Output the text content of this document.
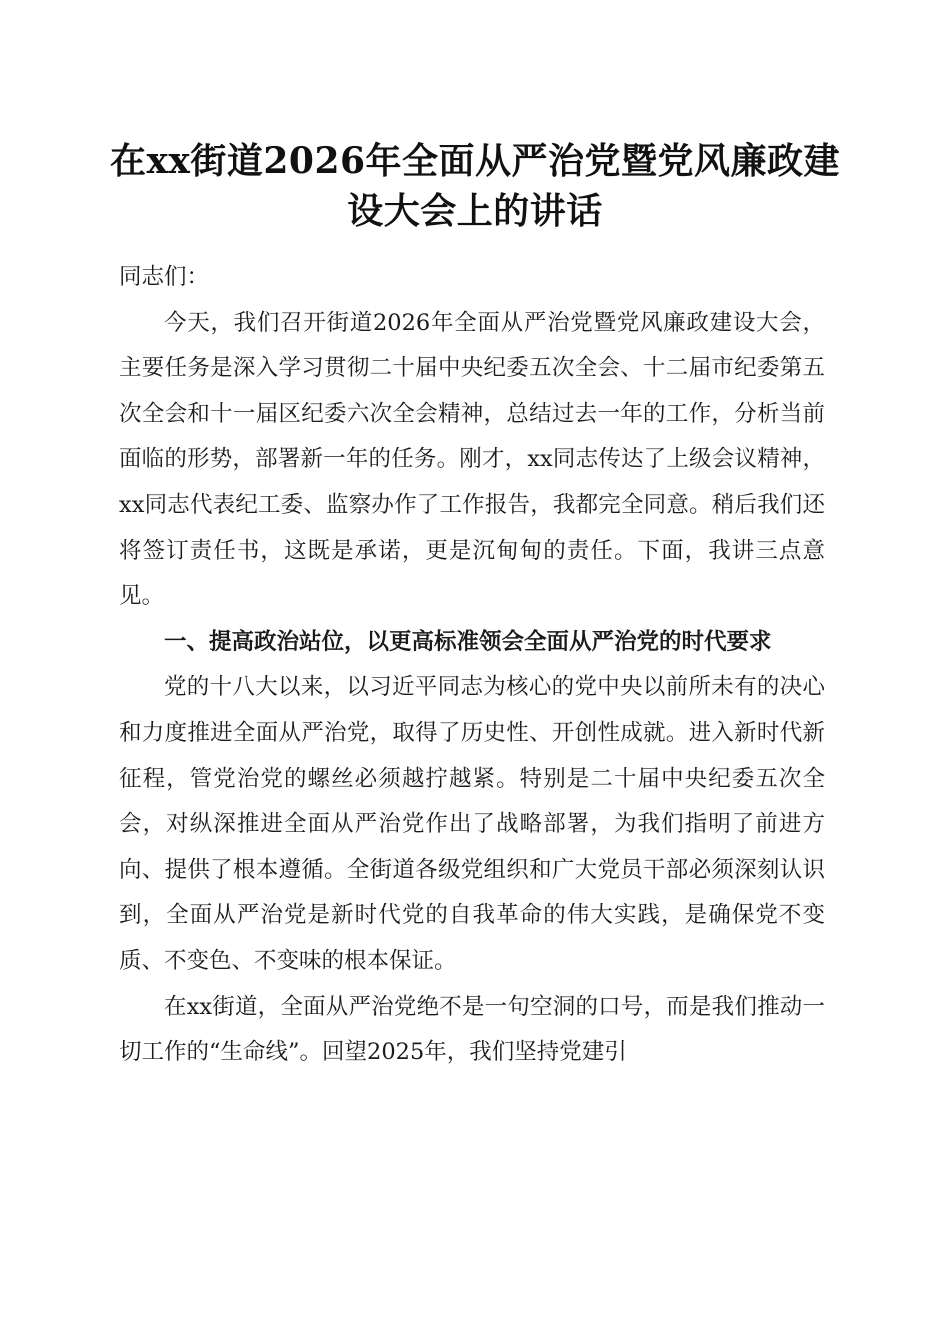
在xx街道2026年全面从严治党暨党风廉政建
设大会上的讲话

同志们：

今天，我们召开街道2026年全面从严治党暨党风廉政建设大会，主要任务是深入学习贯彻二十届中央纪委五次全会、十二届市纪委第五次全会和十一届区纪委六次全会精神，总结过去一年的工作，分析当前面临的形势，部署新一年的任务。刚才，xx同志传达了上级会议精神，xx同志代表纪工委、监察办作了工作报告，我都完全同意。稍后我们还将签订责任书，这既是承诺，更是沉甸甸的责任。下面，我讲三点意见。

一、提高政治站位，以更高标准领会全面从严治党的时代要求

党的十八大以来，以习近平同志为核心的党中央以前所未有的决心和力度推进全面从严治党，取得了历史性、开创性成就。进入新时代新征程，管党治党的螺丝必须越拧越紧。特别是二十届中央纪委五次全会，对纵深推进全面从严治党作出了战略部署，为我们指明了前进方向、提供了根本遵循。全街道各级党组织和广大党员干部必须深刻认识到，全面从严治党是新时代党的自我革命的伟大实践，是确保党不变质、不变色、不变味的根本保证。

在xx街道，全面从严治党绝不是一句空洞的口号，而是我们推动一切工作的“生命线”。回望2025年，我们坚持党建引
